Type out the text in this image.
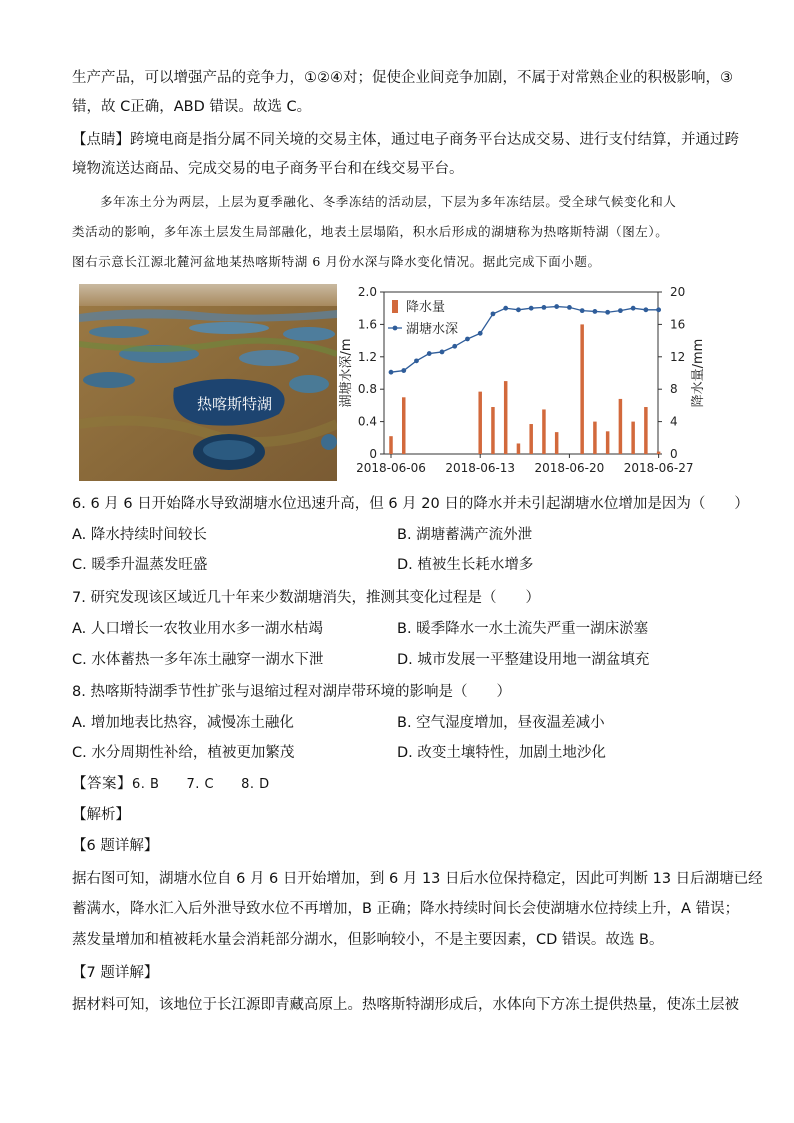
生产产品，可以增强产品的竞争力，①②④对；促使企业间竞争加剧，不属于对常熟企业的积极影响，③
错，故 C正确，ABD 错误。故选 C。
【点睛】跨境电商是指分属不同关境的交易主体，通过电子商务平台达成交易、进行支付结算，并通过跨
境物流送达商品、完成交易的电子商务平台和在线交易平台。
多年冻土分为两层，上层为夏季融化、冬季冻结的活动层，下层为多年冻结层。受全球气候变化和人
类活动的影响，多年冻土层发生局部融化，地表土层塌陷，积水后形成的湖塘称为热喀斯特湖（图左）。
图右示意长江源北麓河盆地某热喀斯特湖 6 月份水深与降水变化情况。据此完成下面小题。
热喀斯特湖
0
0.4
0.8
1.2
1.6
2.0
0
4
8
12
16
20
2018-06-06 2018-06-13 2018-06-20 2018-06-27
降水量
湖塘水深
湖塘水深/m	降水量/mm
6. 6 月 6 日开始降水导致湖塘水位迅速升高，但 6 月 20 日的降水并未引起湖塘水位增加是因为（　　）
A. 降水持续时间较长	B. 湖塘蓄满产流外泄
C. 暖季升温蒸发旺盛	D. 植被生长耗水增多
7. 研究发现该区域近几十年来少数湖塘消失，推测其变化过程是（　　）
A. 人口增长一农牧业用水多一湖水枯竭	B. 暖季降水一水土流失严重一湖床淤塞
C. 水体蓄热一多年冻土融穿一湖水下泄	D. 城市发展一平整建设用地一湖盆填充
8. 热喀斯特湖季节性扩张与退缩过程对湖岸带环境的影响是（　　）
A. 增加地表比热容，减慢冻土融化	B. 空气湿度增加，昼夜温差减小
C. 水分周期性补给，植被更加繁茂	D. 改变土壤特性，加剧土地沙化
【答案】6. B　　7. C　　8. D
【解析】
【6 题详解】
据右图可知，湖塘水位自 6 月 6 日开始增加，到 6 月 13 日后水位保持稳定，因此可判断 13 日后湖塘已经
蓄满水，降水汇入后外泄导致水位不再增加，B 正确；降水持续时间长会使湖塘水位持续上升，A 错误；
蒸发量增加和植被耗水量会消耗部分湖水，但影响较小，不是主要因素，CD 错误。故选 B。
【7 题详解】
据材料可知，该地位于长江源即青藏高原上。热喀斯特湖形成后，水体向下方冻土提供热量，使冻土层被
